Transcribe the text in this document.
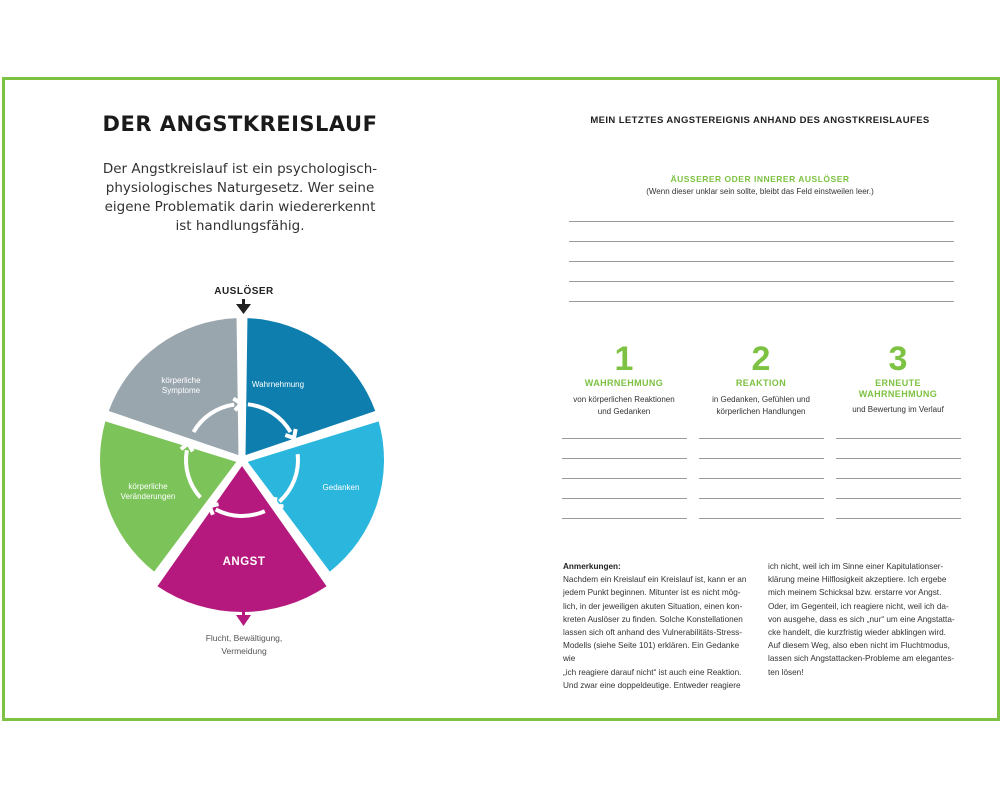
DER ANGSTKREISLAUF
Der Angstkreislauf ist ein psychologisch-
physiologisches Naturgesetz. Wer seine
eigene Problematik darin wiedererkennt
ist handlungsfähig.
AUSLÖSER
Wahrnehmung
Gedanken
ANGST
körperliche
Veränderungen
körperliche
Symptome
Flucht, Bewältigung,
Vermeidung
MEIN LETZTES ANGSTEREIGNIS ANHAND DES ANGSTKREISLAUFES
ÄUSSERER ODER INNERER AUSLÖSER
(Wenn dieser unklar sein sollte, bleibt das Feld einstweilen leer.)
1
WAHRNEHMUNG
von körperlichen Reaktionen
und Gedanken
2
REAKTION
in Gedanken, Gefühlen und
körperlichen Handlungen
3
ERNEUTE
WAHRNEHMUNG
und Bewertung im Verlauf
Anmerkungen:
Nachdem ein Kreislauf ein Kreislauf ist, kann er an
jedem Punkt beginnen. Mitunter ist es nicht mög-
lich, in der jeweiligen akuten Situation, einen kon-
kreten Auslöser zu finden. Solche Konstellationen
lassen sich oft anhand des Vulnerabilitäts-Stress-
Modells (siehe Seite 101) erklären. Ein Gedanke wie
„ich reagiere darauf nicht“ ist auch eine Reaktion.
Und zwar eine doppeldeutige. Entweder reagiere
ich nicht, weil ich im Sinne einer Kapitulationser-
klärung meine Hilflosigkeit akzeptiere. Ich ergebe
mich meinem Schicksal bzw. erstarre vor Angst.
Oder, im Gegenteil, ich reagiere nicht, weil ich da-
von ausgehe, dass es sich „nur“ um eine Angstatta-
cke handelt, die kurzfristig wieder abklingen wird.
Auf diesem Weg, also eben nicht im Fluchtmodus,
lassen sich Angstattacken-Probleme am elegantes-
ten lösen!
